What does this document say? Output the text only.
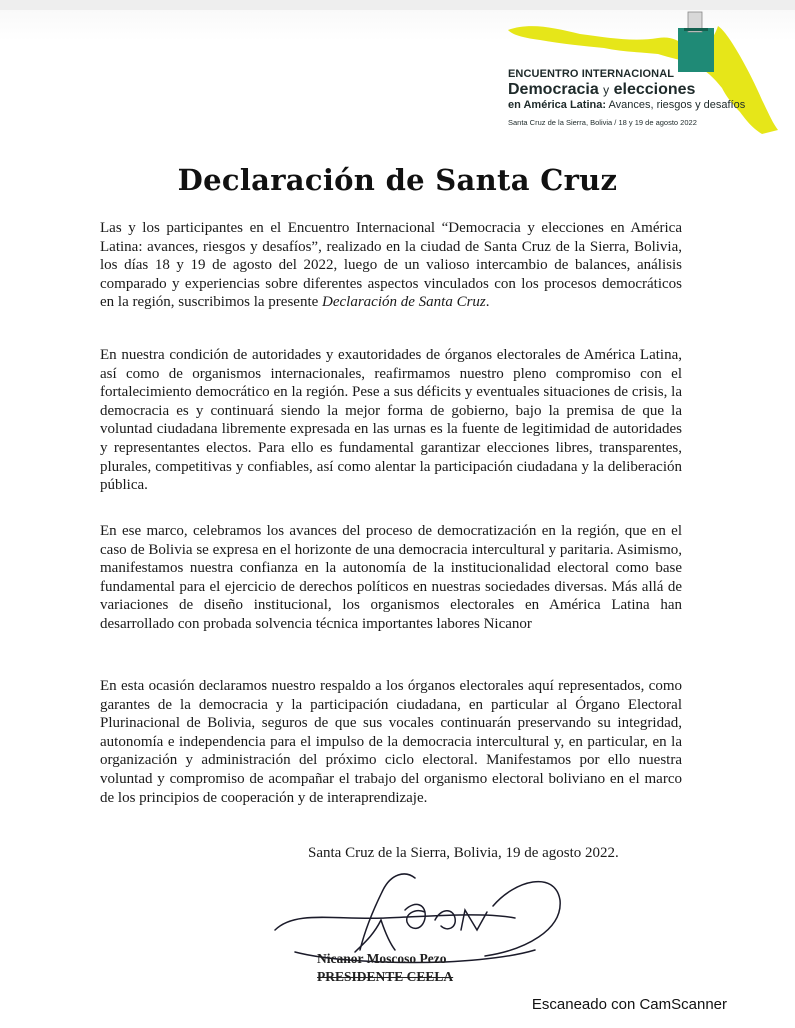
ENCUENTRO INTERNACIONAL
Democracia y elecciones
en América Latina: Avances, riesgos y desafíos
Santa Cruz de la Sierra, Bolivia / 18 y 19 de agosto 2022
Declaración de Santa Cruz
Las y los participantes en el Encuentro Internacional “Democracia y elecciones en América Latina: avances, riesgos y desafíos”, realizado en la ciudad de Santa Cruz de la Sierra, Bolivia, los días 18 y 19 de agosto del 2022, luego de un valioso intercambio de balances, análisis comparado y experiencias sobre diferentes aspectos vinculados con los procesos democráticos en la región, suscribimos la presente Declaración de Santa Cruz.
En nuestra condición de autoridades y exautoridades de órganos electorales de América Latina, así como de organismos internacionales, reafirmamos nuestro pleno compromiso con el fortalecimiento democrático en la región. Pese a sus déficits y eventuales situaciones de crisis, la democracia es y continuará siendo la mejor forma de gobierno, bajo la premisa de que la voluntad ciudadana libremente expresada en las urnas es la fuente de legitimidad de autoridades y representantes electos. Para ello es fundamental garantizar elecciones libres, transparentes, plurales, competitivas y confiables, así como alentar la participación ciudadana y la deliberación pública.
En ese marco, celebramos los avances del proceso de democratización en la región, que en el caso de Bolivia se expresa en el horizonte de una democracia intercultural y paritaria. Asimismo, manifestamos nuestra confianza en la autonomía de la institucionalidad electoral como base fundamental para el ejercicio de derechos políticos en nuestras sociedades diversas. Más allá de variaciones de diseño institucional, los organismos electorales en América Latina han desarrollado con probada solvencia técnica importantes labores Nicanor
En esta ocasión declaramos nuestro respaldo a los órganos electorales aquí representados, como garantes de la democracia y la participación ciudadana, en particular al Órgano Electoral Plurinacional de Bolivia, seguros de que sus vocales continuarán preservando su integridad, autonomía e independencia para el impulso de la democracia intercultural y, en particular, en la organización y administración del próximo ciclo electoral. Manifestamos por ello nuestra voluntad y compromiso de acompañar el trabajo del organismo electoral boliviano en el marco de los principios de cooperación y de interaprendizaje.
Santa Cruz de la Sierra, Bolivia, 19 de agosto 2022.
Nicanor Moscoso Pezo
PRESIDENTE CEELA
Escaneado con CamScanner
